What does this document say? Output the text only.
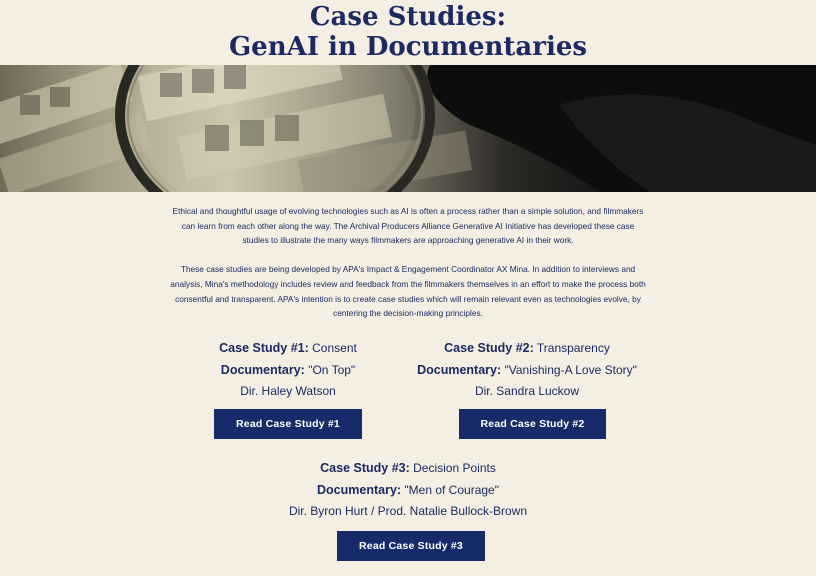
Case Studies:
GenAI in Documentaries

Ethical and thoughtful usage of evolving technologies such as AI is often a process rather than a simple solution, and filmmakers can learn from each other along the way. The Archival Producers Alliance Generative AI Initiative has developed these case studies to illustrate the many ways filmmakers are approaching generative AI in their work.

These case studies are being developed by APA's Impact & Engagement Coordinator AX Mina. In addition to interviews and analysis, Mina's methodology includes review and feedback from the filmmakers themselves in an effort to make the process both consentful and transparent. APA's intention is to create case studies which will remain relevant even as technologies evolve, by centering the decision-making principles.

Case Study #1: Consent
Documentary: "On Top"
Dir. Haley Watson
Read Case Study #1
Case Study #2: Transparency
Documentary: "Vanishing-A Love Story"
Dir. Sandra Luckow
Read Case Study #2
Case Study #3: Decision Points
Documentary: "Men of Courage"
Dir. Byron Hurt / Prod. Natalie Bullock-Brown
Read Case Study #3
